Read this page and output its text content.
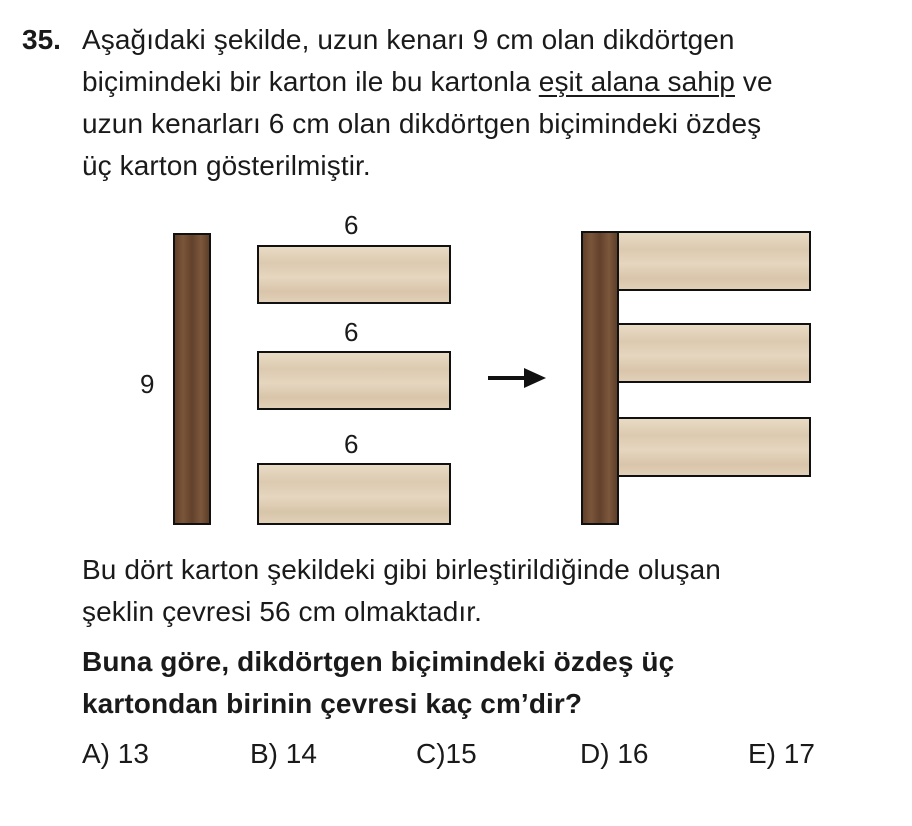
35. Aşağıdaki şekilde, uzun kenarı 9 cm olan dikdörtgen
biçimindeki bir karton ile bu kartonla eşit alana sahip ve
uzun kenarları 6 cm olan dikdörtgen biçimindeki özdeş
üç karton gösterilmiştir.
9
6
6
6
Bu dört karton şekildeki gibi birleştirildiğinde oluşan
şeklin çevresi 56 cm olmaktadır.
Buna göre, dikdörtgen biçimindeki özdeş üç
kartondan birinin çevresi kaç cm’dir?
A) 13	B) 14	C)15	D) 16	E) 17
